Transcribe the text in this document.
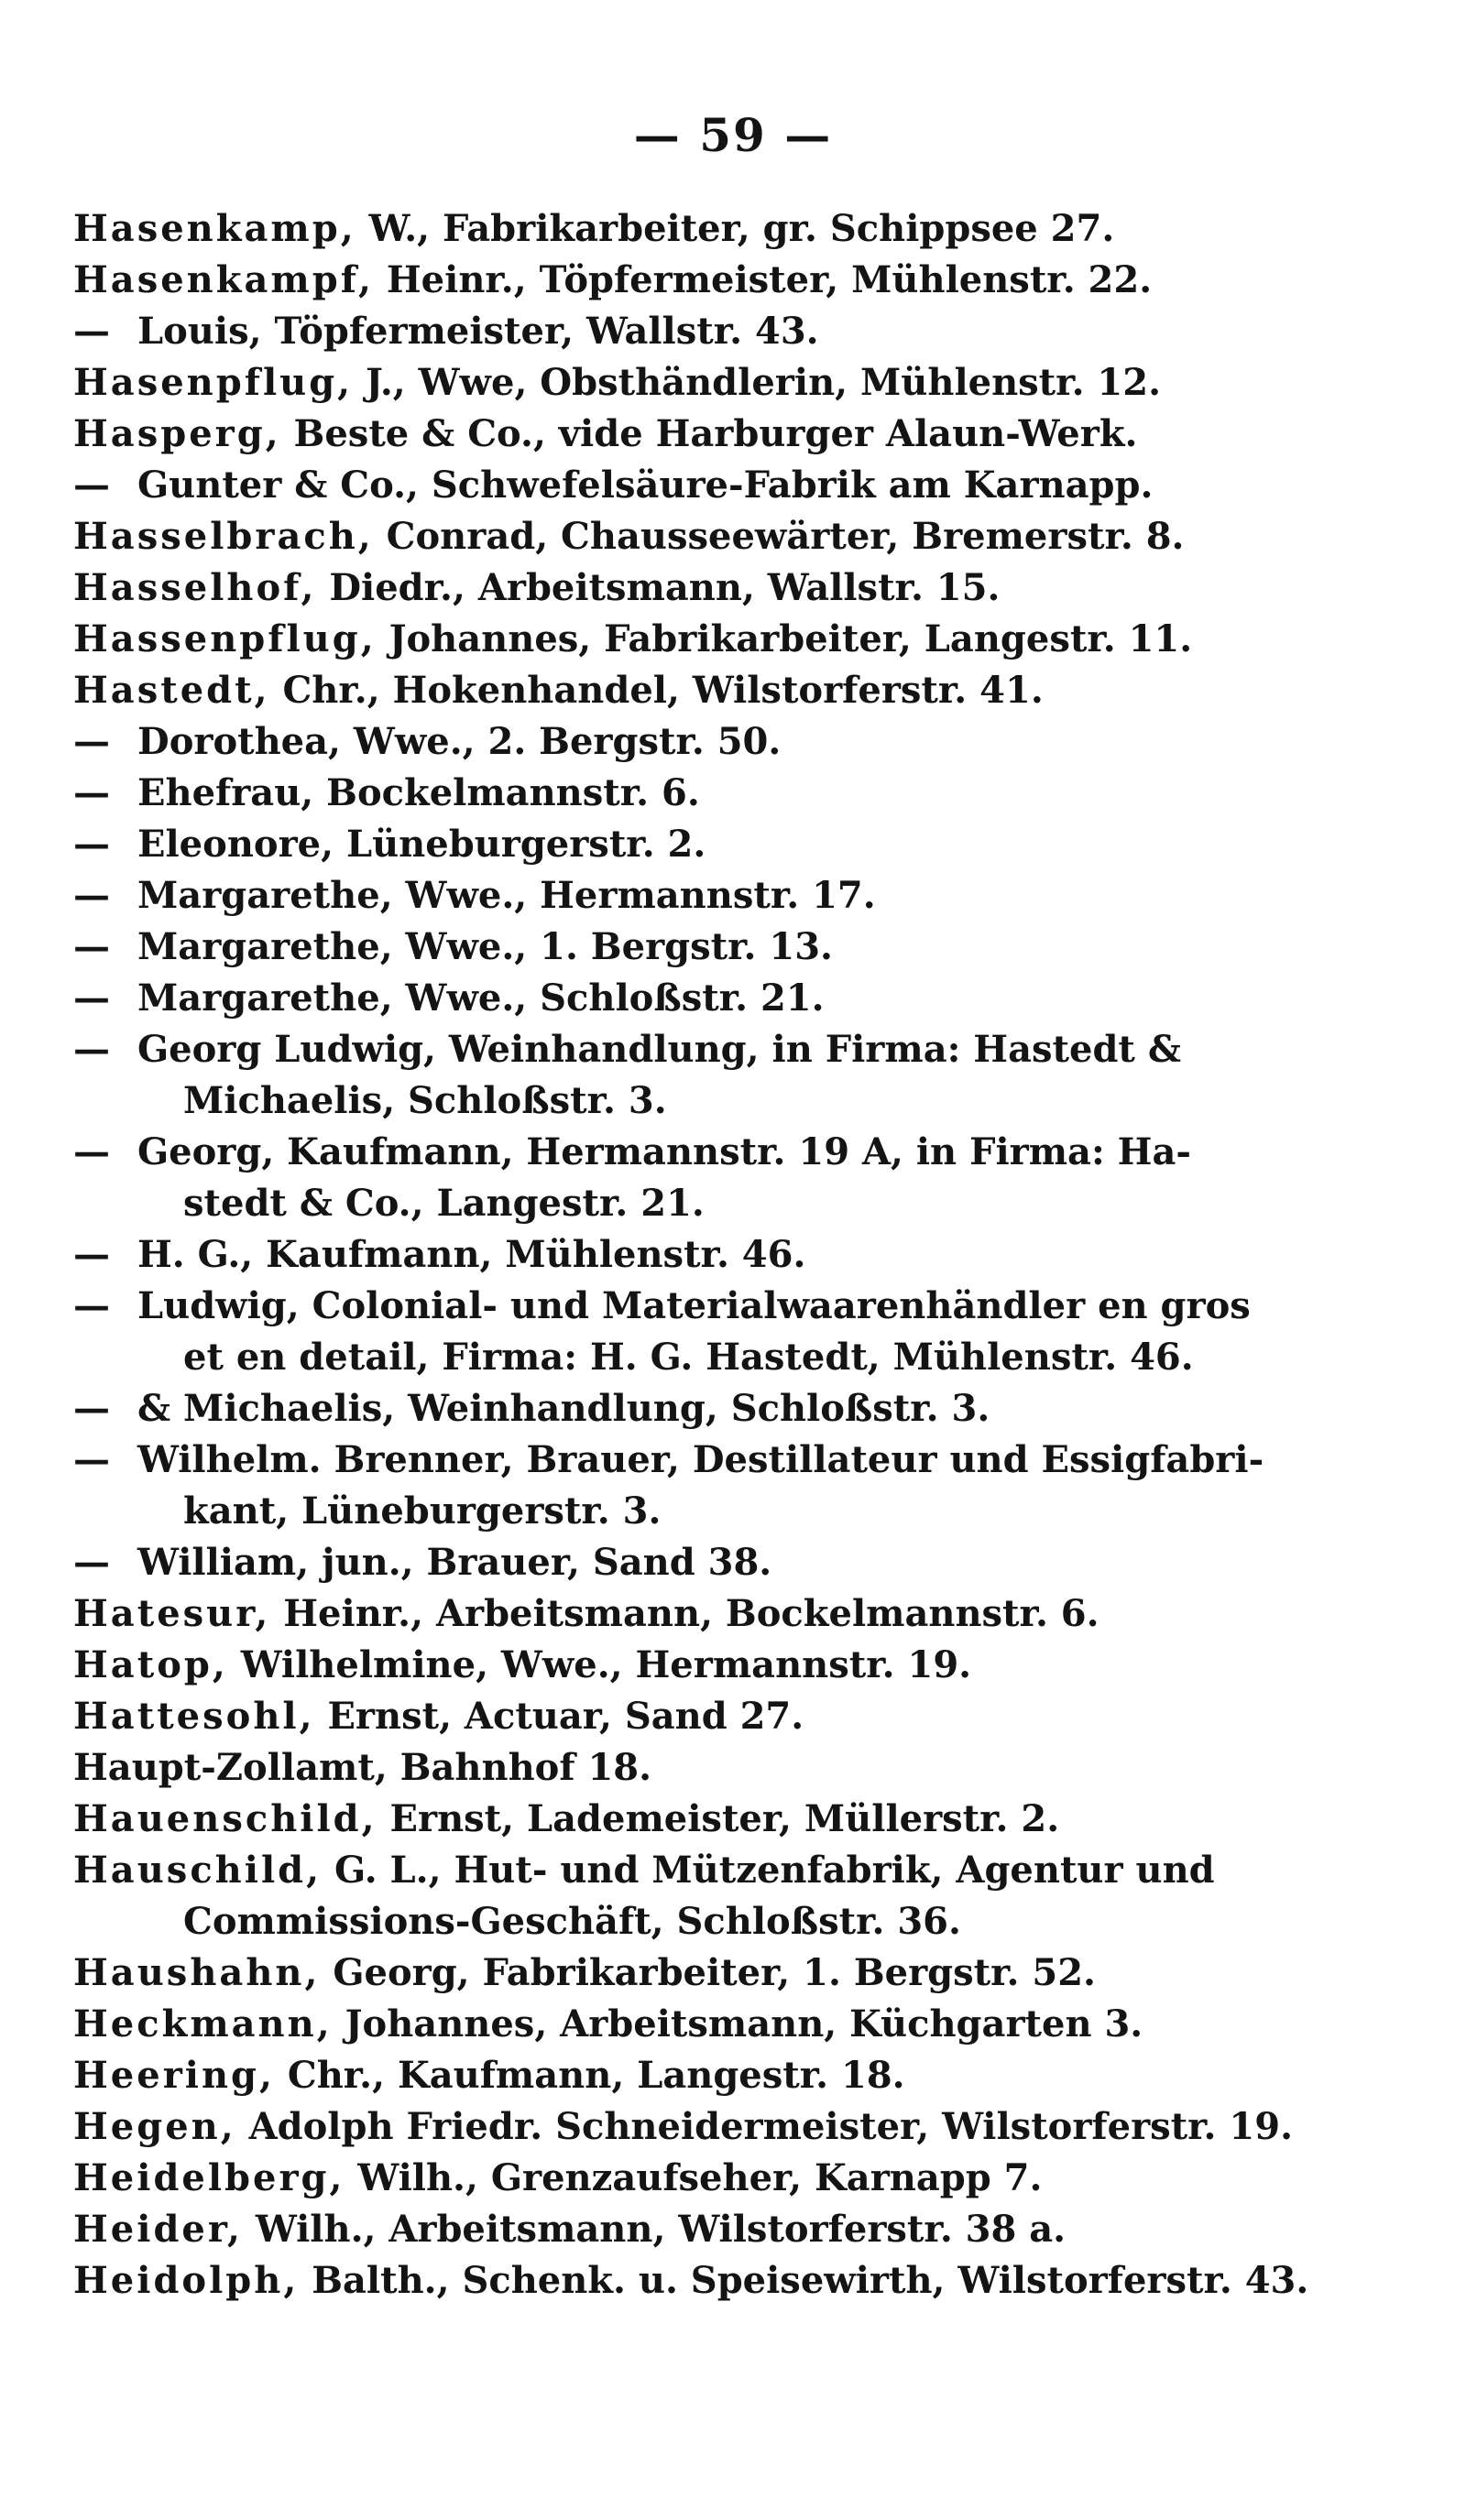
— 59 —
Hasenkamp, W., Fabrikarbeiter, gr. Schippsee 27.
Hasenkampf, Heinr., Töpfermeister, Mühlenstr. 22.
— Louis, Töpfermeister, Wallstr. 43.
Hasenpflug, J., Wwe, Obsthändlerin, Mühlenstr. 12.
Hasperg, Beste & Co., vide Harburger Alaun-Werk.
— Gunter & Co., Schwefelsäure-Fabrik am Karnapp.
Hasselbrach, Conrad, Chausseewärter, Bremerstr. 8.
Hasselhof, Diedr., Arbeitsmann, Wallstr. 15.
Hassenpflug, Johannes, Fabrikarbeiter, Langestr. 11.
Hastedt, Chr., Hokenhandel, Wilstorferstr. 41.
— Dorothea, Wwe., 2. Bergstr. 50.
— Ehefrau, Bockelmannstr. 6.
— Eleonore, Lüneburgerstr. 2.
— Margarethe, Wwe., Hermannstr. 17.
— Margarethe, Wwe., 1. Bergstr. 13.
— Margarethe, Wwe., Schloßstr. 21.
— Georg Ludwig, Weinhandlung, in Firma: Hastedt &
Michaelis, Schloßstr. 3.
— Georg, Kaufmann, Hermannstr. 19 A, in Firma: Ha-
stedt & Co., Langestr. 21.
— H. G., Kaufmann, Mühlenstr. 46.
— Ludwig, Colonial- und Materialwaarenhändler en gros
et en detail, Firma: H. G. Hastedt, Mühlenstr. 46.
— & Michaelis, Weinhandlung, Schloßstr. 3.
— Wilhelm. Brenner, Brauer, Destillateur und Essigfabri-
kant, Lüneburgerstr. 3.
— William, jun., Brauer, Sand 38.
Hatesur, Heinr., Arbeitsmann, Bockelmannstr. 6.
Hatop, Wilhelmine, Wwe., Hermannstr. 19.
Hattesohl, Ernst, Actuar, Sand 27.
Haupt-Zollamt, Bahnhof 18.
Hauenschild, Ernst, Lademeister, Müllerstr. 2.
Hauschild, G. L., Hut- und Mützenfabrik, Agentur und
Commissions-Geschäft, Schloßstr. 36.
Haushahn, Georg, Fabrikarbeiter, 1. Bergstr. 52.
Heckmann, Johannes, Arbeitsmann, Küchgarten 3.
Heering, Chr., Kaufmann, Langestr. 18.
Hegen, Adolph Friedr. Schneidermeister, Wilstorferstr. 19.
Heidelberg, Wilh., Grenzaufseher, Karnapp 7.
Heider, Wilh., Arbeitsmann, Wilstorferstr. 38 a.
Heidolph, Balth., Schenk. u. Speisewirth, Wilstorferstr. 43.
